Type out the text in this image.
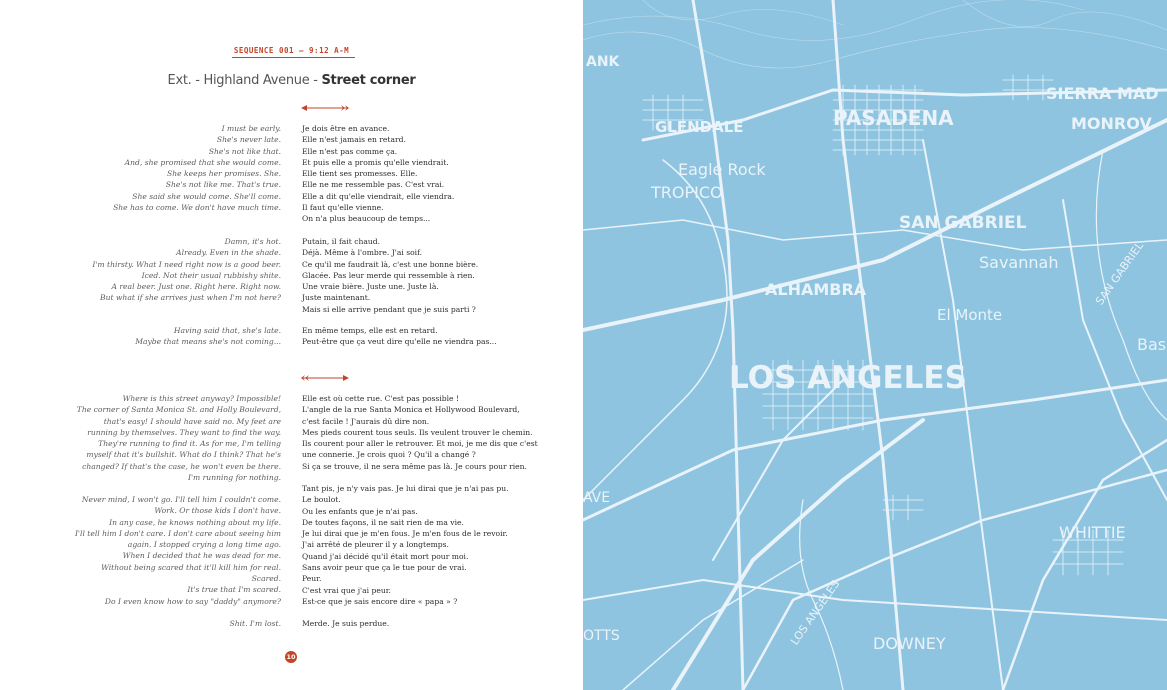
SEQUENCE 001 – 9:12 A-M
Ext. - Highland Avenue - Street corner
I must be early.
She's never late.
She's not like that.
And, she promised that she would come.
She keeps her promises. She.
She's not like me. That's true.
She said she would come. She'll come.
She has to come. We don't have much time.
Je dois être en avance.
Elle n'est jamais en retard.
Elle n'est pas comme ça.
Et puis elle a promis qu'elle viendrait.
Elle tient ses promesses. Elle.
Elle ne me ressemble pas. C'est vrai.
Elle a dit qu'elle viendrait, elle viendra.
Il faut qu'elle vienne.
On n'a plus beaucoup de temps...
Damn, it's hot.
Already. Even in the shade.
I'm thirsty. What I need right now is a good beer.
Iced. Not their usual rubbishy shite.
A real beer. Just one. Right here. Right now.
But what if she arrives just when I'm not here?
Putain, il fait chaud.
Déjà. Même à l'ombre. J'ai soif.
Ce qu'il me faudrait là, c'est une bonne bière.
Glacée. Pas leur merde qui ressemble à rien.
Une vraie bière. Juste une. Juste là.
Juste maintenant.
Mais si elle arrive pendant que je suis parti ?
Having said that, she's late.
Maybe that means she's not coming...
En même temps, elle est en retard.
Peut-être que ça veut dire qu'elle ne viendra pas...
Where is this street anyway? Impossible!
The corner of Santa Monica St. and Holly Boulevard,
that's easy! I should have said no. My feet are
running by themselves. They want to find the way.
They're running to find it. As for me, I'm telling
myself that it's bullshit. What do I think? That he's
changed? If that's the case, he won't even be there.
I'm running for nothing.
Elle est où cette rue. C'est pas possible !
L'angle de la rue Santa Monica et Hollywood Boulevard,
c'est facile ! J'aurais dû dire non.
Mes pieds courent tous seuls. Ils veulent trouver le chemin.
Ils courent pour aller le retrouver. Et moi, je me dis que c'est
une connerie. Je crois quoi ? Qu'il a changé ?
Si ça se trouve, il ne sera même pas là. Je cours pour rien.
Never mind, I won't go. I'll tell him I couldn't come.
Work. Or those kids I don't have.
In any case, he knows nothing about my life.
I'll tell him I don't care. I don't care about seeing him
again. I stopped crying a long time ago.
When I decided that he was dead for me.
Without being scared that it'll kill him for real.
Scared.
It's true that I'm scared.
Do I even know how to say "daddy" anymore?
Tant pis, je n'y vais pas. Je lui dirai que je n'ai pas pu.
Le boulot.
Ou les enfants que je n'ai pas.
De toutes façons, il ne sait rien de ma vie.
Je lui dirai que je m'en fous. Je m'en fous de le revoir.
J'ai arrêté de pleurer il y a longtemps.
Quand j'ai décidé qu'il était mort pour moi.
Sans avoir peur que ça le tue pour de vrai.
Peur.
C'est vrai que j'ai peur.
Est-ce que je sais encore dire « papa » ?
Shit. I'm lost.	Merde. Je suis perdue.
10
ANK
GLENDALE
Eagle Rock
TROPICO
PASADENA
SIERRA MAD
MONROV
SAN GABRIEL
Savannah
ALHAMBRA
El Monte
Bas
LOS ANGELES
WHITTIE
AVE
DOWNEY
LOS ANGELES
SAN GABRIEL
OTTS
